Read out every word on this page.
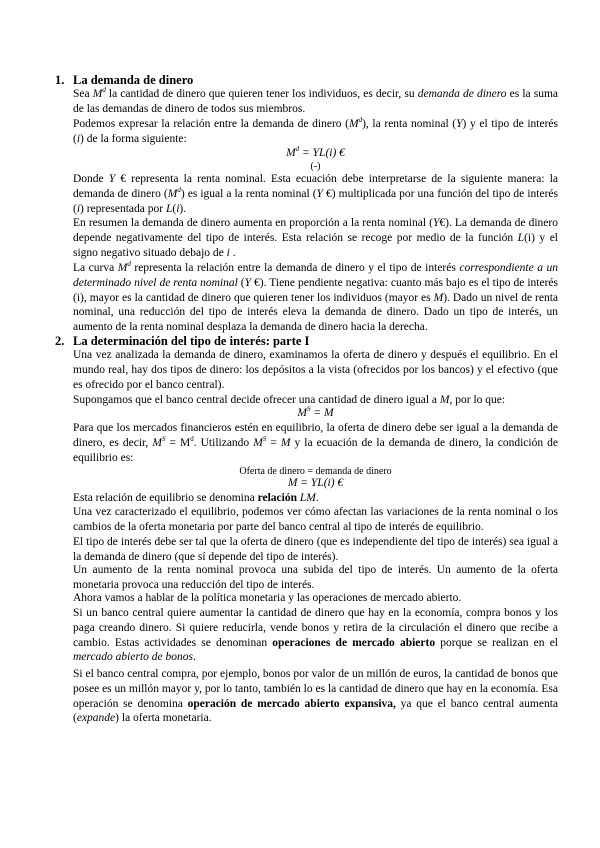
1. La demanda de dinero
Sea $M^d$ la cantidad de dinero que quieren tener los individuos, es decir, su demanda de dinero es la suma de las demandas de dinero de todos sus miembros.
Podemos expresar la relación entre la demanda de dinero $(M^d)$, la renta nominal (Y) y el tipo de interés (i) de la forma siguiente:
$M^d = YL(i)$ €
(-)
Donde Y € representa la renta nominal. Esta ecuación debe interpretarse de la siguiente manera: la demanda de dinero $(M^d)$ es igual a la renta nominal (Y €) multiplicada por una función del tipo de interés (i) representada por L(i).
En resumen la demanda de dinero aumenta en proporción a la renta nominal (Y€). La demanda de dinero depende negativamente del tipo de interés. Esta relación se recoge por medio de la función L(i) y el signo negativo situado debajo de i .
La curva $M^d$ representa la relación entre la demanda de dinero y el tipo de interés correspondiente a un determinado nivel de renta nominal (Y €). Tiene pendiente negativa: cuanto más bajo es el tipo de interés (i), mayor es la cantidad de dinero que quieren tener los individuos (mayor es M). Dado un nivel de renta nominal, una reducción del tipo de interés eleva la demanda de dinero. Dado un tipo de interés, un aumento de la renta nominal desplaza la demanda de dinero hacia la derecha.
2. La determinación del tipo de interés: parte I
Una vez analizada la demanda de dinero, examinamos la oferta de dinero y después el equilibrio. En el mundo real, hay dos tipos de dinero: los depósitos a la vista (ofrecidos por los bancos) y el efectivo (que es ofrecido por el banco central).
Supongamos que el banco central decide ofrecer una cantidad de dinero igual a M, por lo que:
$M^S = M$
Para que los mercados financieros estén en equilibrio, la oferta de dinero debe ser igual a la demanda de dinero, es decir, $M^S = M^d$. Utilizando $M^S = M$ y la ecuación de la demanda de dinero, la condición de equilibrio es:
Oferta de dinero = demanda de dinero
M = YL(i) €
Esta relación de equilibrio se denomina relación LM.
Una vez caracterizado el equilibrio, podemos ver cómo afectan las variaciones de la renta nominal o los cambios de la oferta monetaria por parte del banco central al tipo de interés de equilibrio.
El tipo de interés debe ser tal que la oferta de dinero (que es independiente del tipo de interés) sea igual a la demanda de dinero (que sí depende del tipo de interés).
Un aumento de la renta nominal provoca una subida del tipo de interés. Un aumento de la oferta monetaria provoca una reducción del tipo de interés.
Ahora vamos a hablar de la política monetaria y las operaciones de mercado abierto.
Si un banco central quiere aumentar la cantidad de dinero que hay en la economía, compra bonos y los paga creando dinero. Si quiere reducirla, vende bonos y retira de la circulación el dinero que recibe a cambio. Estas actividades se denominan operaciones de mercado abierto porque se realizan en el mercado abierto de bonos.
Si el banco central compra, por ejemplo, bonos por valor de un millón de euros, la cantidad de bonos que posee es un millón mayor y, por lo tanto, también lo es la cantidad de dinero que hay en la economía. Esa operación se denomina operación de mercado abierto expansiva, ya que el banco central aumenta (expande) la oferta monetaria.
